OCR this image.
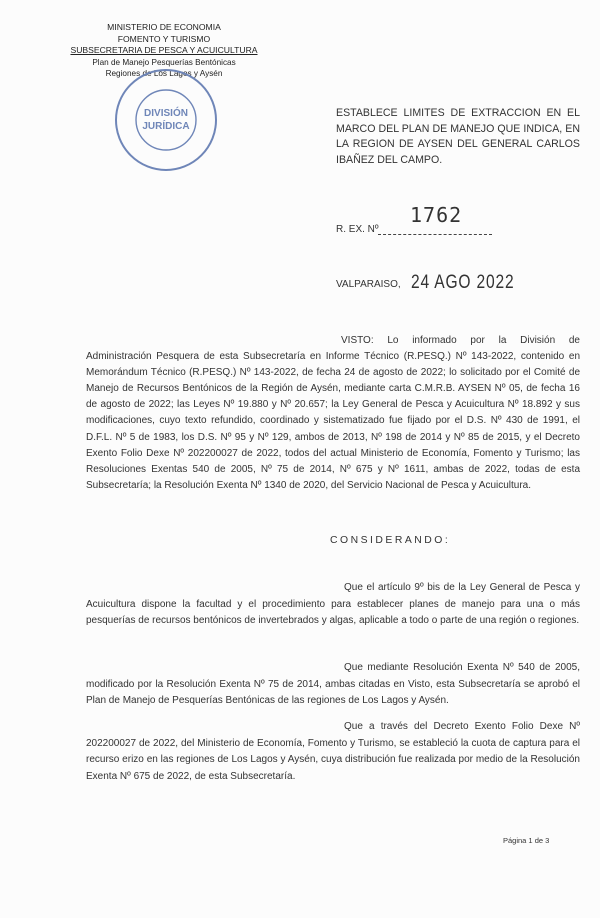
MINISTERIO DE ECONOMIA
FOMENTO Y TURISMO
SUBSECRETARIA DE PESCA Y ACUICULTURA
Plan de Manejo Pesquerías Bentónicas
Regiones de Los Lagos y Aysén
DIVISIÓN
JURÍDICA
ESTABLECE LIMITES DE EXTRACCION EN EL MARCO DEL PLAN DE MANEJO QUE INDICA, EN LA REGION DE AYSEN DEL GENERAL CARLOS IBAÑEZ DEL CAMPO.
1762
R. EX. Nº
VALPARAISO, 24 AGO 2022
VISTO: Lo informado por la División de Administración Pesquera de esta Subsecretaría en Informe Técnico (R.PESQ.) Nº 143-2022, contenido en Memorándum Técnico (R.PESQ.) Nº 143-2022, de fecha 24 de agosto de 2022; lo solicitado por el Comité de Manejo de Recursos Bentónicos de la Región de Aysén, mediante carta C.M.R.B. AYSEN Nº 05, de fecha 16 de agosto de 2022; las Leyes Nº 19.880 y Nº 20.657; la Ley General de Pesca y Acuicultura Nº 18.892 y sus modificaciones, cuyo texto refundido, coordinado y sistematizado fue fijado por el D.S. Nº 430 de 1991, el D.F.L. Nº 5 de 1983, los D.S. Nº 95 y Nº 129, ambos de 2013, Nº 198 de 2014 y Nº 85 de 2015, y el Decreto Exento Folio Dexe Nº 202200027 de 2022, todos del actual Ministerio de Economía, Fomento y Turismo; las Resoluciones Exentas 540 de 2005, Nº 75 de 2014, Nº 675 y Nº 1611, ambas de 2022, todas de esta Subsecretaría; la Resolución Exenta Nº 1340 de 2020, del Servicio Nacional de Pesca y Acuicultura.
CONSIDERANDO:
Que el artículo 9º bis de la Ley General de Pesca y Acuicultura dispone la facultad y el procedimiento para establecer planes de manejo para una o más pesquerías de recursos bentónicos de invertebrados y algas, aplicable a todo o parte de una región o regiones.
Que mediante Resolución Exenta Nº 540 de 2005, modificado por la Resolución Exenta Nº 75 de 2014, ambas citadas en Visto, esta Subsecretaría se aprobó el Plan de Manejo de Pesquerías Bentónicas de las regiones de Los Lagos y Aysén.
Que a través del Decreto Exento Folio Dexe Nº 202200027 de 2022, del Ministerio de Economía, Fomento y Turismo, se estableció la cuota de captura para el recurso erizo en las regiones de Los Lagos y Aysén, cuya distribución fue realizada por medio de la Resolución Exenta Nº 675 de 2022, de esta Subsecretaría.
Página 1 de 3
